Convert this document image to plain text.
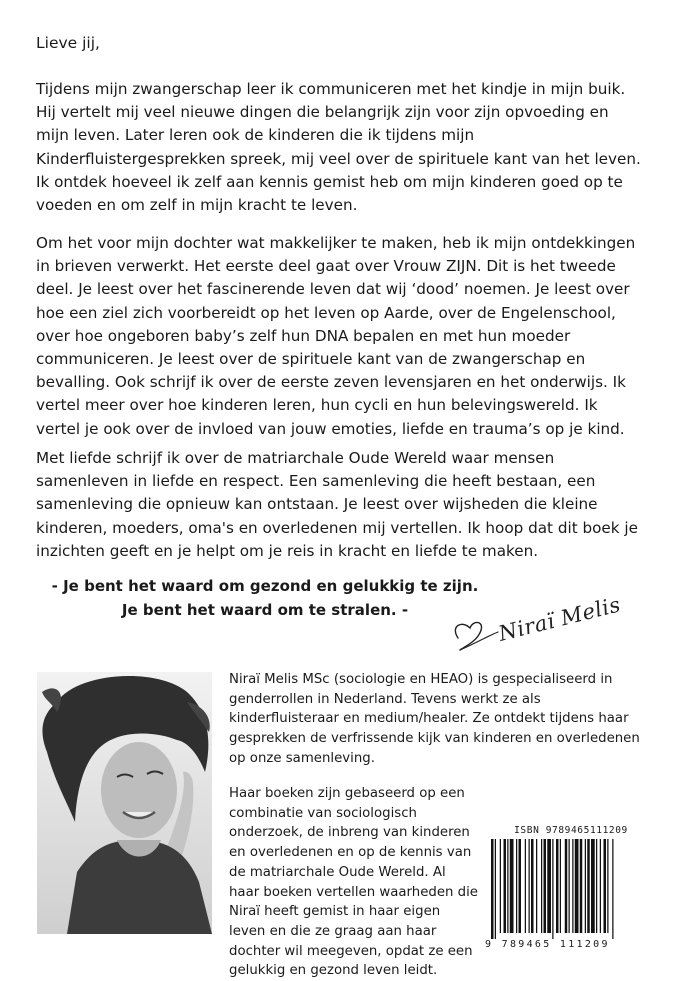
Lieve jij,

Tijdens mijn zwangerschap leer ik communiceren met het kindje in mijn buik. Hij vertelt mij veel nieuwe dingen die belangrijk zijn voor zijn opvoeding en mijn leven. Later leren ook de kinderen die ik tijdens mijn Kinderfluistergesprekken spreek, mij veel over de spirituele kant van het leven. Ik ontdek hoeveel ik zelf aan kennis gemist heb om mijn kinderen goed op te voeden en om zelf in mijn kracht te leven.

Om het voor mijn dochter wat makkelijker te maken, heb ik mijn ontdekkingen in brieven verwerkt. Het eerste deel gaat over Vrouw ZIJN. Dit is het tweede deel. Je leest over het fascinerende leven dat wij ‘dood’ noemen. Je leest over hoe een ziel zich voorbereidt op het leven op Aarde, over de Engelenschool, over hoe ongeboren baby’s zelf hun DNA bepalen en met hun moeder communiceren. Je leest over de spirituele kant van de zwangerschap en bevalling. Ook schrijf ik over de eerste zeven levensjaren en het onderwijs. Ik vertel meer over hoe kinderen leren, hun cycli en hun belevingswereld. Ik vertel je ook over de invloed van jouw emoties, liefde en trauma’s op je kind.

Met liefde schrijf ik over de matriarchale Oude Wereld waar mensen samenleven in liefde en respect. Een samenleving die heeft bestaan, een samenleving die opnieuw kan ontstaan. Je leest over wijsheden die kleine kinderen, moeders, oma's en overledenen mij vertellen. Ik hoop dat dit boek je inzichten geeft en je helpt om je reis in kracht en liefde te maken.

- Je bent het waard om gezond en gelukkig te zijn.
Je bent het waard om te stralen. -	Niraï Melis

Niraï Melis MSc (sociologie en HEAO) is gespecialiseerd in genderrollen in Nederland. Tevens werkt ze als kinderfluisteraar en medium/healer. Ze ontdekt tijdens haar gesprekken de verfrissende kijk van kinderen en overledenen op onze samenleving.

Haar boeken zijn gebaseerd op een combinatie van sociologisch onderzoek, de inbreng van kinderen en overledenen en op de kennis van de matriarchale Oude Wereld. Al haar boeken vertellen waarheden die Niraï heeft gemist in haar eigen leven en die ze graag aan haar dochter wil meegeven, opdat ze een gelukkig en gezond leven leidt.

ISBN 9789465111209
9 789465 111209
